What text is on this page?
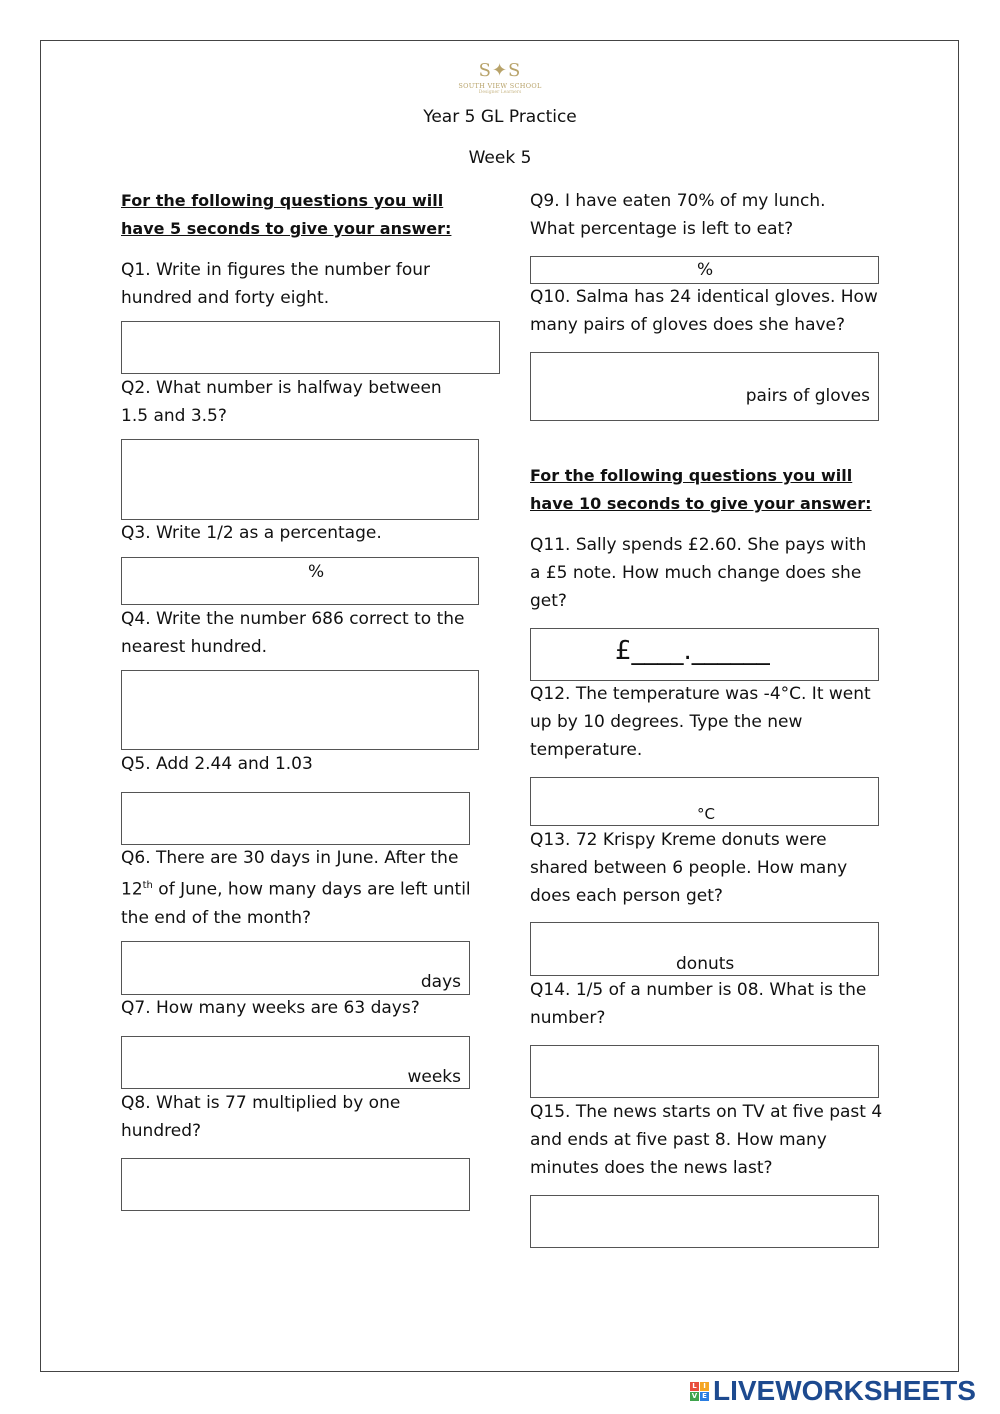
S✦S
SOUTH VIEW SCHOOL
Designer Learners
Year 5 GL Practice
Week 5
For the following questions you will
have 5 seconds to give your answer:

Q1. Write in figures the number four hundred and forty eight.

Q2. What number is halfway between 1.5 and 3.5?

Q3. Write 1/2 as a percentage.

%

Q4. Write the number 686 correct to the nearest hundred.

Q5. Add 2.44 and 1.03

Q6. There are 30 days in June. After the 12th of June, how many days are left until the end of the month?

days

Q7. How many weeks are 63 days?

weeks

Q8. What is 77 multiplied by one hundred?

Q9. I have eaten 70% of my lunch.
What percentage is left to eat?
%

Q10. Salma has 24 identical gloves. How many pairs of gloves does she have?

pairs of gloves
For the following questions you will
have 10 seconds to give your answer:

Q11. Sally spends £2.60. She pays with a £5 note. How much change does she get?

£____.______

Q12. The temperature was -4°C. It went up by 10 degrees. Type the new temperature.

°C

Q13. 72 Krispy Kreme donuts were shared between 6 people. How many does each person get?

donuts

Q14. 1/5 of a number is 08. What is the number?

Q15. The news starts on TV at five past 4 and ends at five past 8. How many minutes does the news last?

L I
V E LIVEWORKSHEETS
